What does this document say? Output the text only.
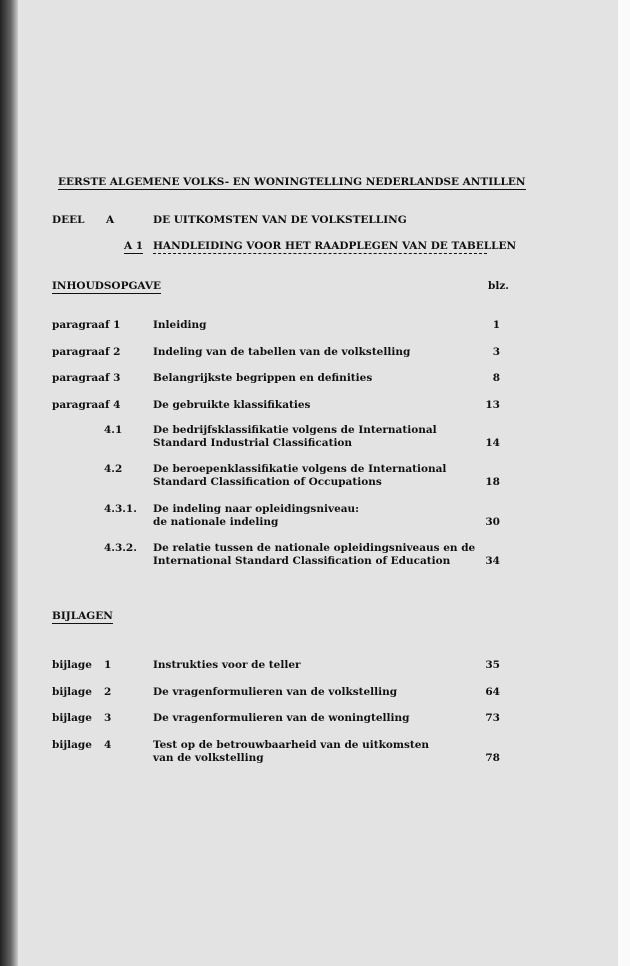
EERSTE ALGEMENE VOLKS- EN WONINGTELLING NEDERLANDSE ANTILLEN
DEEL A	DE UITKOMSTEN VAN DE VOLKSTELLING
A 1 HANDLEIDING VOOR HET RAADPLEGEN VAN DE TABELLEN
INHOUDSOPGAVE	blz.
paragraaf 1	Inleiding	1
paragraaf 2	Indeling van de tabellen van de volkstelling	3
paragraaf 3	Belangrijkste begrippen en definities	8
paragraaf 4	De gebruikte klassifikaties	13
4.1	De bedrijfsklassifikatie volgens de International
Standard Industrial Classification	14
4.2	De beroepenklassifikatie volgens de International
Standard Classification of Occupations	18
4.3.1. De indeling naar opleidingsniveau:
de nationale indeling	30
4.3.2. De relatie tussen de nationale opleidingsniveaus en de
International Standard Classification of Education	34
BIJLAGEN
bijlage 1	Instrukties voor de teller	35
bijlage 2	De vragenformulieren van de volkstelling	64
bijlage 3	De vragenformulieren van de woningtelling	73
bijlage 4	Test op de betrouwbaarheid van de uitkomsten
van de volkstelling	78
